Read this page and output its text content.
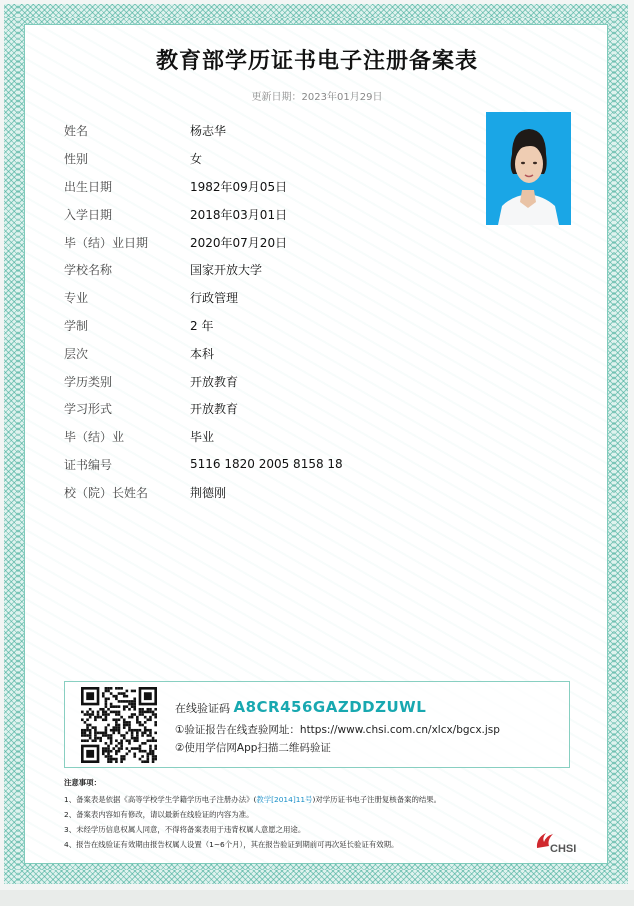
教育部学历证书电子注册备案表
更新日期：2023年01月29日
姓名	杨志华
性别	女
出生日期	1982年09月05日
入学日期	2018年03月01日
毕（结）业日期	2020年07月20日
学校名称	国家开放大学
专业	行政管理
学制	2 年
层次	本科
学历类别	开放教育
学习形式	开放教育
毕（结）业	毕业
证书编号	5116 1820 2005 8158 18
校（院）长姓名	荆德刚
在线验证码 A8CR456GAZDDZUWL
①验证报告在线查验网址：https://www.chsi.com.cn/xlcx/bgcx.jsp
②使用学信网App扫描二维码验证
注意事项：
1、备案表是依据《高等学校学生学籍学历电子注册办法》(教学[2014]11号)对学历证书电子注册复核备案的结果。
2、备案表内容如有修改，请以最新在线验证的内容为准。
3、未经学历信息权属人同意，不得将备案表用于违背权属人意愿之用途。
4、报告在线验证有效期由报告权属人设置（1~6个月），其在报告验证到期前可再次延长验证有效期。	CHSI
